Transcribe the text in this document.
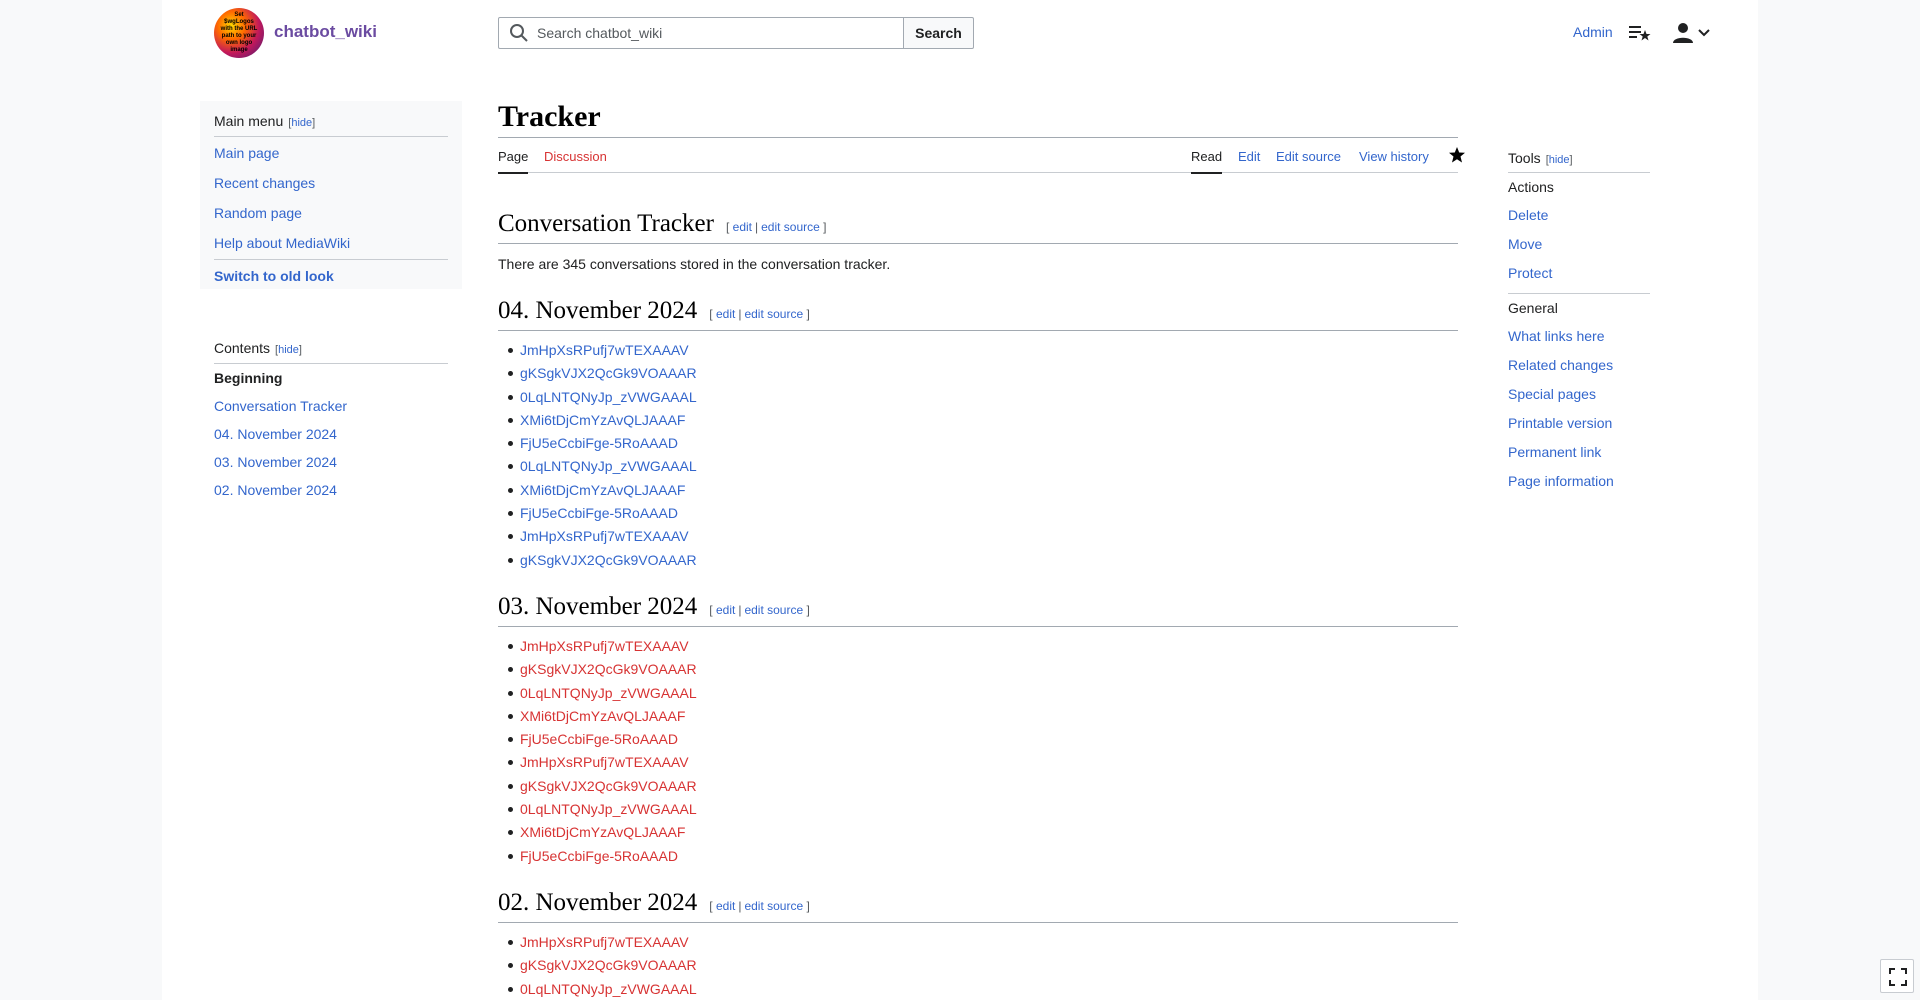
Set $wgLogos with the URL path to your own logo image
chatbot_wiki
Search chatbot_wiki	Search	Admin
Main menu [hide]
Main page
Recent changes
Random page
Help about MediaWiki
Switch to old look
Contents [hide]
Beginning
Conversation Tracker
04. November 2024
03. November 2024
02. November 2024
Tracker
Page Discussion	Read Edit Edit source View history
Conversation Tracker [ edit | edit source ]

There are 345 conversations stored in the conversation tracker.

04. November 2024 [ edit | edit source ]
JmHpXsRPufj7wTEXAAAV
gKSgkVJX2QcGk9VOAAAR
0LqLNTQNyJp_zVWGAAAL
XMi6tDjCmYzAvQLJAAAF
FjU5eCcbiFge-5RoAAAD
0LqLNTQNyJp_zVWGAAAL
XMi6tDjCmYzAvQLJAAAF
FjU5eCcbiFge-5RoAAAD
JmHpXsRPufj7wTEXAAAV
gKSgkVJX2QcGk9VOAAAR
03. November 2024 [ edit | edit source ]
JmHpXsRPufj7wTEXAAAV
gKSgkVJX2QcGk9VOAAAR
0LqLNTQNyJp_zVWGAAAL
XMi6tDjCmYzAvQLJAAAF
FjU5eCcbiFge-5RoAAAD
JmHpXsRPufj7wTEXAAAV
gKSgkVJX2QcGk9VOAAAR
0LqLNTQNyJp_zVWGAAAL
XMi6tDjCmYzAvQLJAAAF
FjU5eCcbiFge-5RoAAAD
02. November 2024 [ edit | edit source ]
JmHpXsRPufj7wTEXAAAV
gKSgkVJX2QcGk9VOAAAR
0LqLNTQNyJp_zVWGAAAL
Tools [hide]
Actions
Delete
Move
Protect
General
What links here
Related changes
Special pages
Printable version
Permanent link
Page information
